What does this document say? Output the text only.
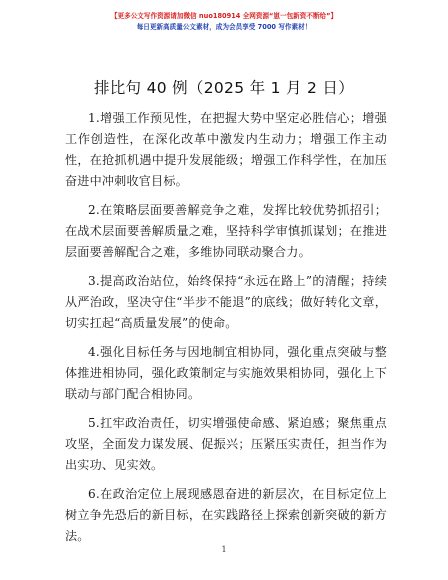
【更多公文写作资源请加微信 nuo180914 全网资源“崽一包新资不断给”】
每日更新高质量公文素材，成为会员享受 7000 写作素材！
排比句 40 例（2025 年 1 月 2 日）

1.增强工作预见性，在把握大势中坚定必胜信心；增强工作创造性，在深化改革中激发内生动力；增强工作主动性，在抢抓机遇中提升发展能级；增强工作科学性，在加压奋进中冲刺收官目标。

2.在策略层面要善解竞争之难，发挥比较优势抓招引；在战术层面要善解质量之难，坚持科学审慎抓谋划；在推进层面要善解配合之难，多维协同联动聚合力。

3.提高政治站位，始终保持“永远在路上”的清醒；持续从严治政，坚决守住“半步不能退”的底线；做好转化文章，切实扛起“高质量发展”的使命。

4.强化目标任务与因地制宜相协同，强化重点突破与整体推进相协同，强化政策制定与实施效果相协同，强化上下联动与部门配合相协同。

5.扛牢政治责任，切实增强使命感、紧迫感；聚焦重点攻坚，全面发力谋发展、促振兴；压紧压实责任，担当作为出实功、见实效。

6.在政治定位上展现感恩奋进的新层次，在目标定位上树立争先恐后的新目标，在实践路径上探索创新突破的新方法。

1
